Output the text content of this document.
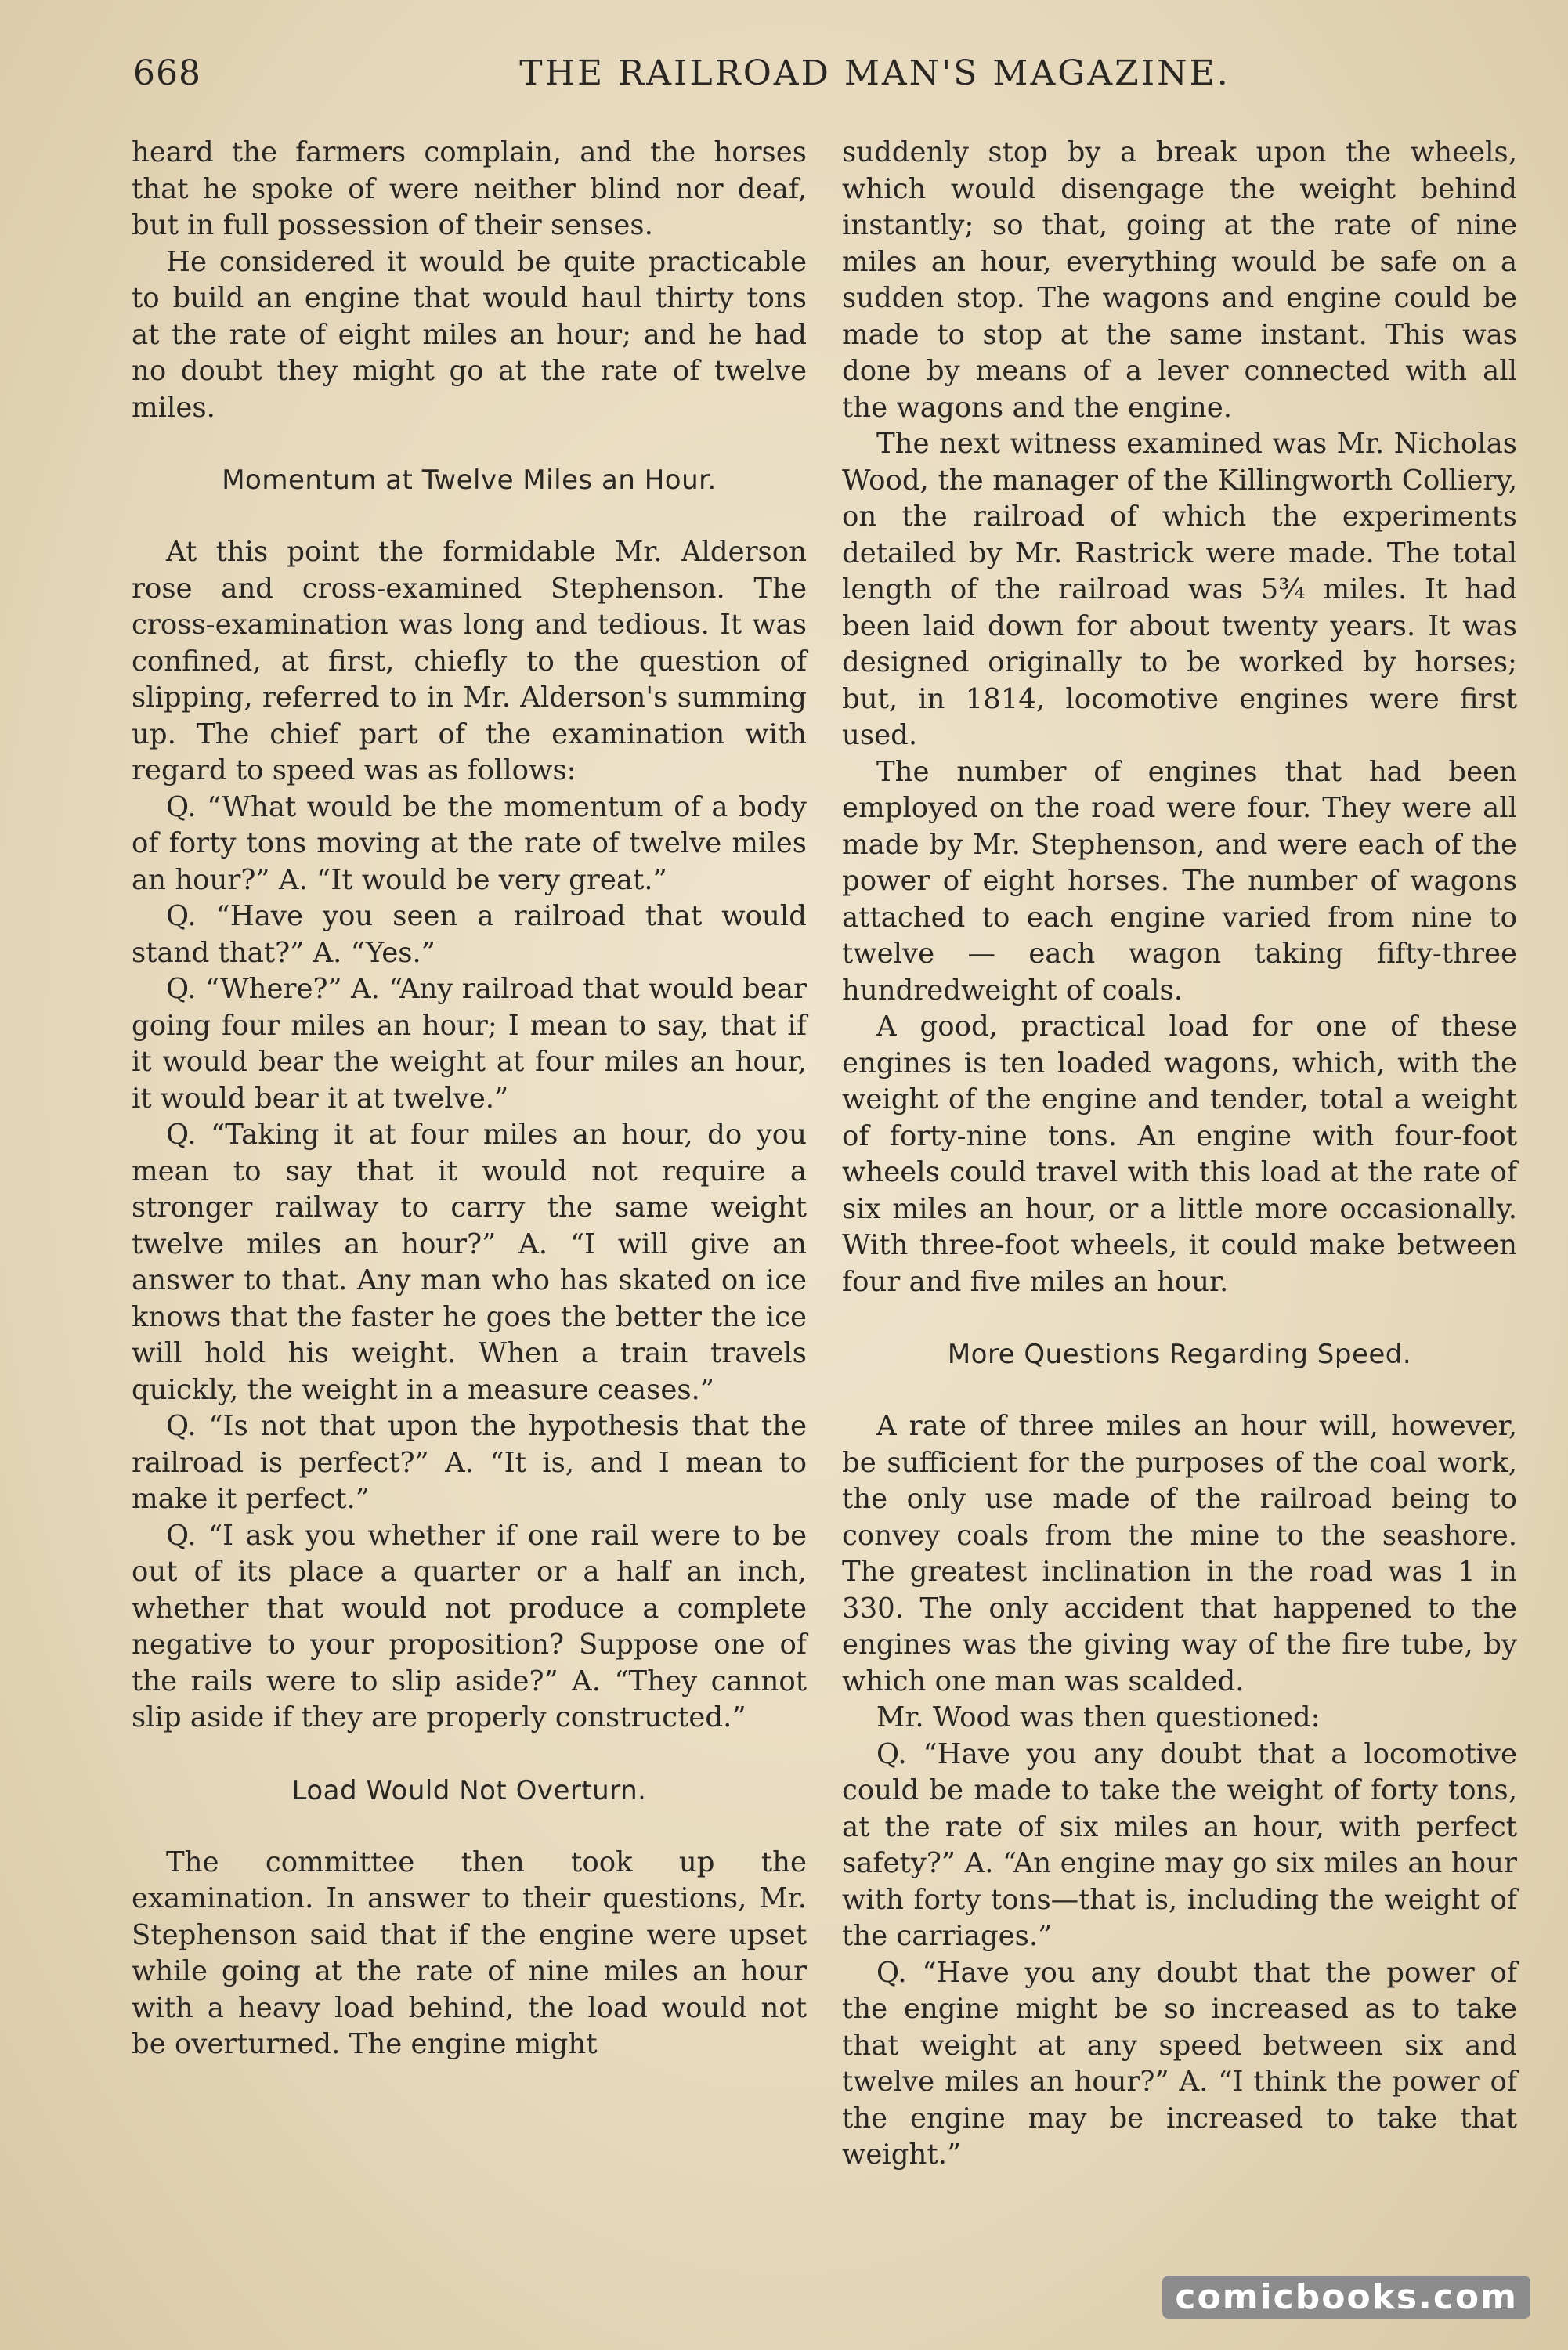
668	THE RAILROAD MAN'S MAGAZINE.

heard the farmers complain, and the horses that he spoke of were neither blind nor deaf, but in full possession of their senses.

He considered it would be quite practicable to build an engine that would haul thirty tons at the rate of eight miles an hour; and he had no doubt they might go at the rate of twelve miles.

Momentum at Twelve Miles an Hour.

At this point the formidable Mr. Alderson rose and cross-examined Stephenson. The cross-examination was long and tedious. It was confined, at first, chiefly to the question of slipping, referred to in Mr. Alderson's summing up. The chief part of the examination with regard to speed was as follows:

Q. “What would be the momentum of a body of forty tons moving at the rate of twelve miles an hour?” A. “It would be very great.”

Q. “Have you seen a railroad that would stand that?” A. “Yes.”

Q. “Where?” A. “Any railroad that would bear going four miles an hour; I mean to say, that if it would bear the weight at four miles an hour, it would bear it at twelve.”

Q. “Taking it at four miles an hour, do you mean to say that it would not require a stronger railway to carry the same weight twelve miles an hour?” A. “I will give an answer to that. Any man who has skated on ice knows that the faster he goes the better the ice will hold his weight. When a train travels quickly, the weight in a measure ceases.”

Q. “Is not that upon the hypothesis that the railroad is perfect?” A. “It is, and I mean to make it perfect.”

Q. “I ask you whether if one rail were to be out of its place a quarter or a half an inch, whether that would not produce a complete negative to your proposition? Suppose one of the rails were to slip aside?” A. “They cannot slip aside if they are properly constructed.”

Load Would Not Overturn.

The committee then took up the examination. In answer to their questions, Mr. Stephenson said that if the engine were upset while going at the rate of nine miles an hour with a heavy load behind, the load would not be overturned. The engine might

suddenly stop by a break upon the wheels, which would disengage the weight behind instantly; so that, going at the rate of nine miles an hour, everything would be safe on a sudden stop. The wagons and engine could be made to stop at the same instant. This was done by means of a lever connected with all the wagons and the engine.

The next witness examined was Mr. Nicholas Wood, the manager of the Killingworth Colliery, on the railroad of which the experiments detailed by Mr. Rastrick were made. The total length of the railroad was 5¾ miles. It had been laid down for about twenty years. It was designed originally to be worked by horses; but, in 1814, locomotive engines were first used.

The number of engines that had been employed on the road were four. They were all made by Mr. Stephenson, and were each of the power of eight horses. The number of wagons attached to each engine varied from nine to twelve — each wagon taking fifty-three hundredweight of coals.

A good, practical load for one of these engines is ten loaded wagons, which, with the weight of the engine and tender, total a weight of forty-nine tons. An engine with four-foot wheels could travel with this load at the rate of six miles an hour, or a little more occasionally. With three-foot wheels, it could make between four and five miles an hour.

More Questions Regarding Speed.

A rate of three miles an hour will, however, be sufficient for the purposes of the coal work, the only use made of the railroad being to convey coals from the mine to the seashore. The greatest inclination in the road was 1 in 330. The only accident that happened to the engines was the giving way of the fire tube, by which one man was scalded.

Mr. Wood was then questioned:

Q. “Have you any doubt that a locomotive could be made to take the weight of forty tons, at the rate of six miles an hour, with perfect safety?” A. “An engine may go six miles an hour with forty tons—that is, including the weight of the carriages.”

Q. “Have you any doubt that the power of the engine might be so increased as to take that weight at any speed between six and twelve miles an hour?” A. “I think the power of the engine may be increased to take that weight.”

comicbooks.com
